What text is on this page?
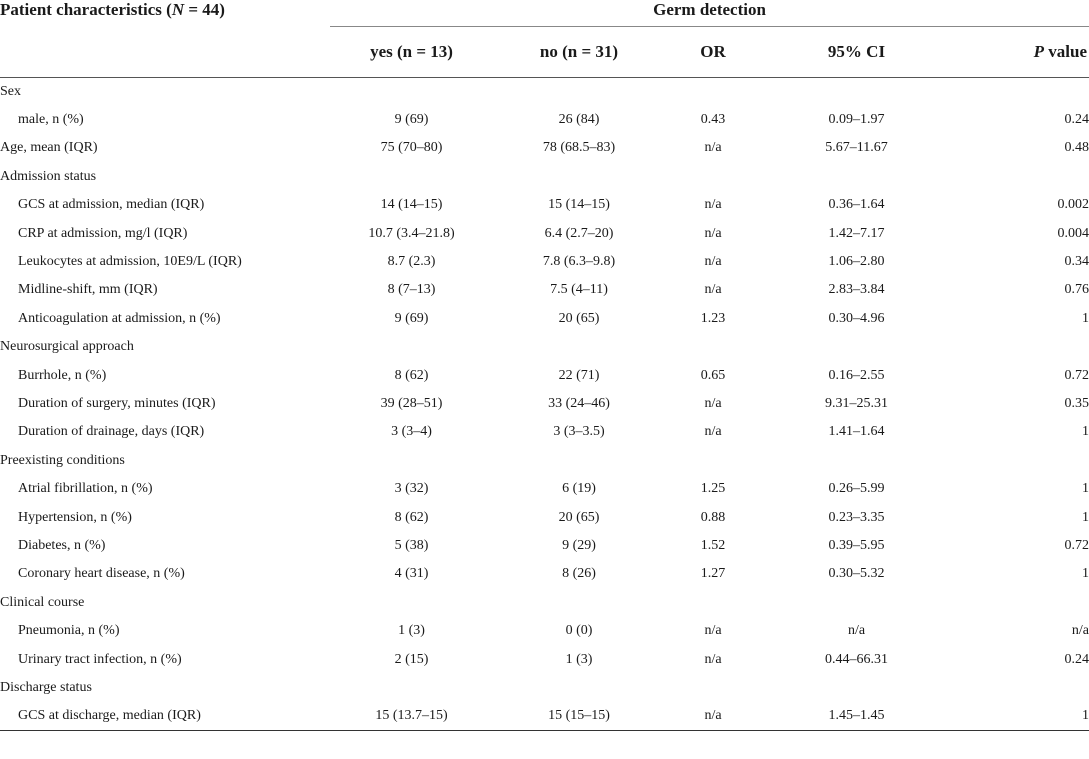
Patient characteristics (N = 44)	Germ detection				
	yes (n = 13)	no (n = 31)	OR	95% CI	P value
Sex					
male, n (%)	9 (69)	26 (84)	0.43	0.09–1.97	0.24
Age, mean (IQR)	75 (70–80)	78 (68.5–83)	n/a	5.67–11.67	0.48
Admission status					
GCS at admission, median (IQR)	14 (14–15)	15 (14–15)	n/a	0.36–1.64	0.002
CRP at admission, mg/l (IQR)	10.7 (3.4–21.8)	6.4 (2.7–20)	n/a	1.42–7.17	0.004
Leukocytes at admission, 10E9/L (IQR)	8.7 (2.3)	7.8 (6.3–9.8)	n/a	1.06–2.80	0.34
Midline-shift, mm (IQR)	8 (7–13)	7.5 (4–11)	n/a	2.83–3.84	0.76
Anticoagulation at admission, n (%)	9 (69)	20 (65)	1.23	0.30–4.96	1
Neurosurgical approach					
Burrhole, n (%)	8 (62)	22 (71)	0.65	0.16–2.55	0.72
Duration of surgery, minutes (IQR)	39 (28–51)	33 (24–46)	n/a	9.31–25.31	0.35
Duration of drainage, days (IQR)	3 (3–4)	3 (3–3.5)	n/a	1.41–1.64	1
Preexisting conditions					
Atrial fibrillation, n (%)	3 (32)	6 (19)	1.25	0.26–5.99	1
Hypertension, n (%)	8 (62)	20 (65)	0.88	0.23–3.35	1
Diabetes, n (%)	5 (38)	9 (29)	1.52	0.39–5.95	0.72
Coronary heart disease, n (%)	4 (31)	8 (26)	1.27	0.30–5.32	1
Clinical course					
Pneumonia, n (%)	1 (3)	0 (0)	n/a	n/a	n/a
Urinary tract infection, n (%)	2 (15)	1 (3)	n/a	0.44–66.31	0.24
Discharge status					
GCS at discharge, median (IQR)	15 (13.7–15)	15 (15–15)	n/a	1.45–1.45	1
